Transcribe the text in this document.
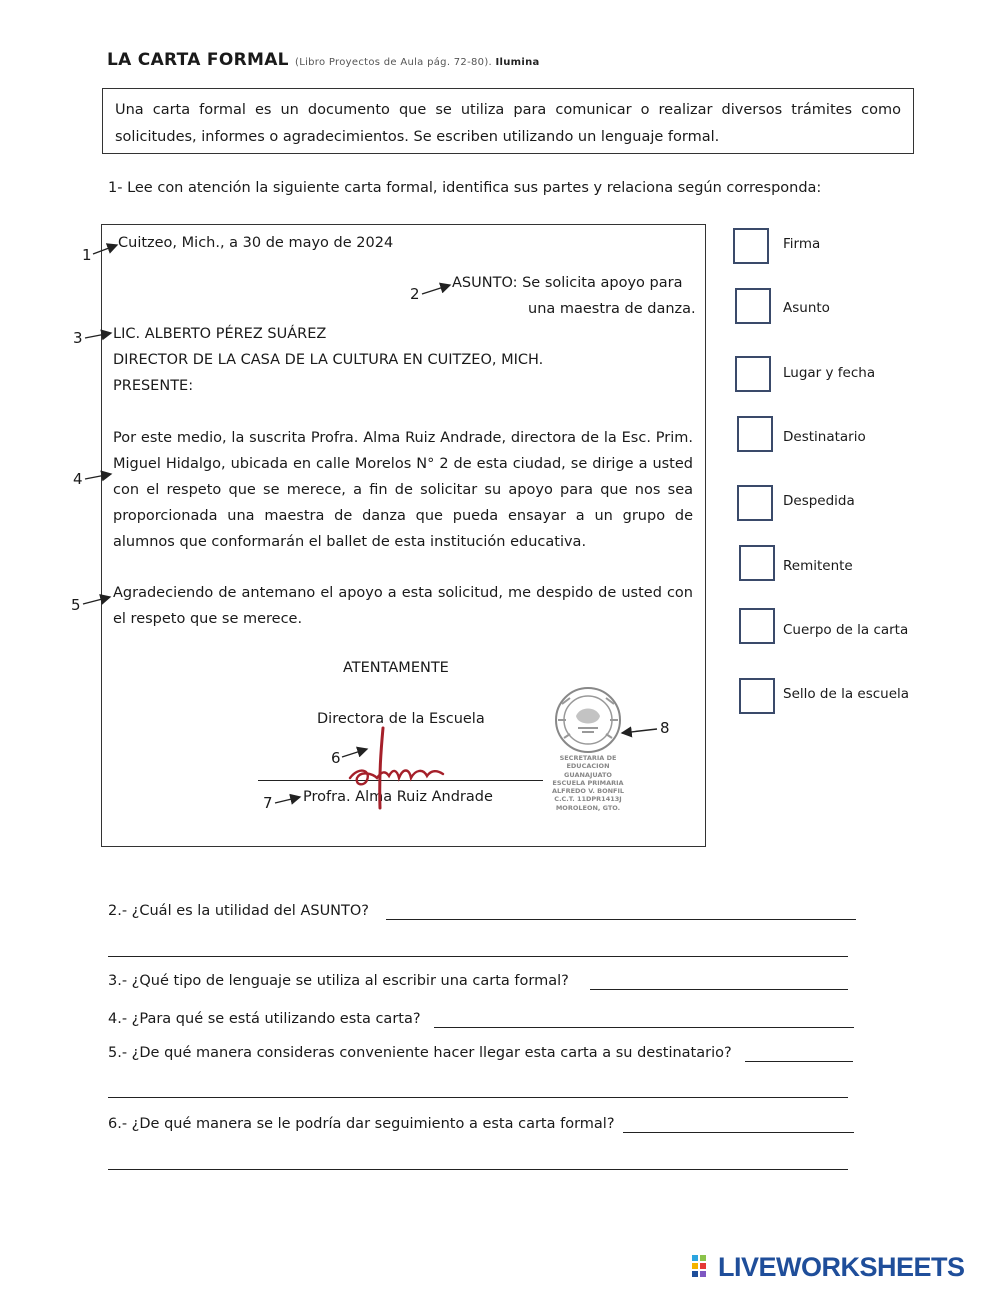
LA CARTA FORMAL (Libro Proyectos de Aula pág. 72-80). Ilumina
Una carta formal es un documento que se utiliza para comunicar o realizar diversos trámites como solicitudes, informes o agradecimientos. Se escriben utilizando un lenguaje formal.
1- Lee con atención la siguiente carta formal, identifica sus partes y relaciona según corresponda:
Cuitzeo, Mich., a 30 de mayo de 2024
ASUNTO: Se solicita apoyo para
una maestra de danza.
LIC. ALBERTO PÉREZ SUÁREZ
DIRECTOR DE LA CASA DE LA CULTURA EN CUITZEO, MICH.
PRESENTE:
Por este medio, la suscrita Profra. Alma Ruiz Andrade, directora de la Esc. Prim. Miguel Hidalgo, ubicada en calle Morelos N° 2 de esta ciudad, se dirige a usted con el respeto que se merece, a fin de solicitar su apoyo para que nos sea proporcionada una maestra de danza que pueda ensayar a un grupo de alumnos que conformarán el ballet de esta institución educativa.
Agradeciendo de antemano el apoyo a esta solicitud, me despido de usted con el respeto que se merece.
ATENTAMENTE
Directora de la Escuela
Profra. Alma Ruiz Andrade
SECRETARIA DE EDUCACION
GUANAJUATO
ESCUELA PRIMARIA
ALFREDO V. BONFIL
C.C.T. 11DPR1413J
MOROLEON, GTO.
1
2
3
4
5
6
7
8
Firma
Asunto
Lugar y fecha
Destinatario
Despedida
Remitente
Cuerpo de la carta
Sello de la escuela
2.- ¿Cuál es la utilidad del ASUNTO?
3.- ¿Qué tipo de lenguaje se utiliza al escribir una carta formal?
4.- ¿Para qué se está utilizando esta carta?
5.- ¿De qué manera consideras conveniente hacer llegar esta carta a su destinatario?
6.- ¿De qué manera se le podría dar seguimiento a esta carta formal?
LIVEWORKSHEETS
